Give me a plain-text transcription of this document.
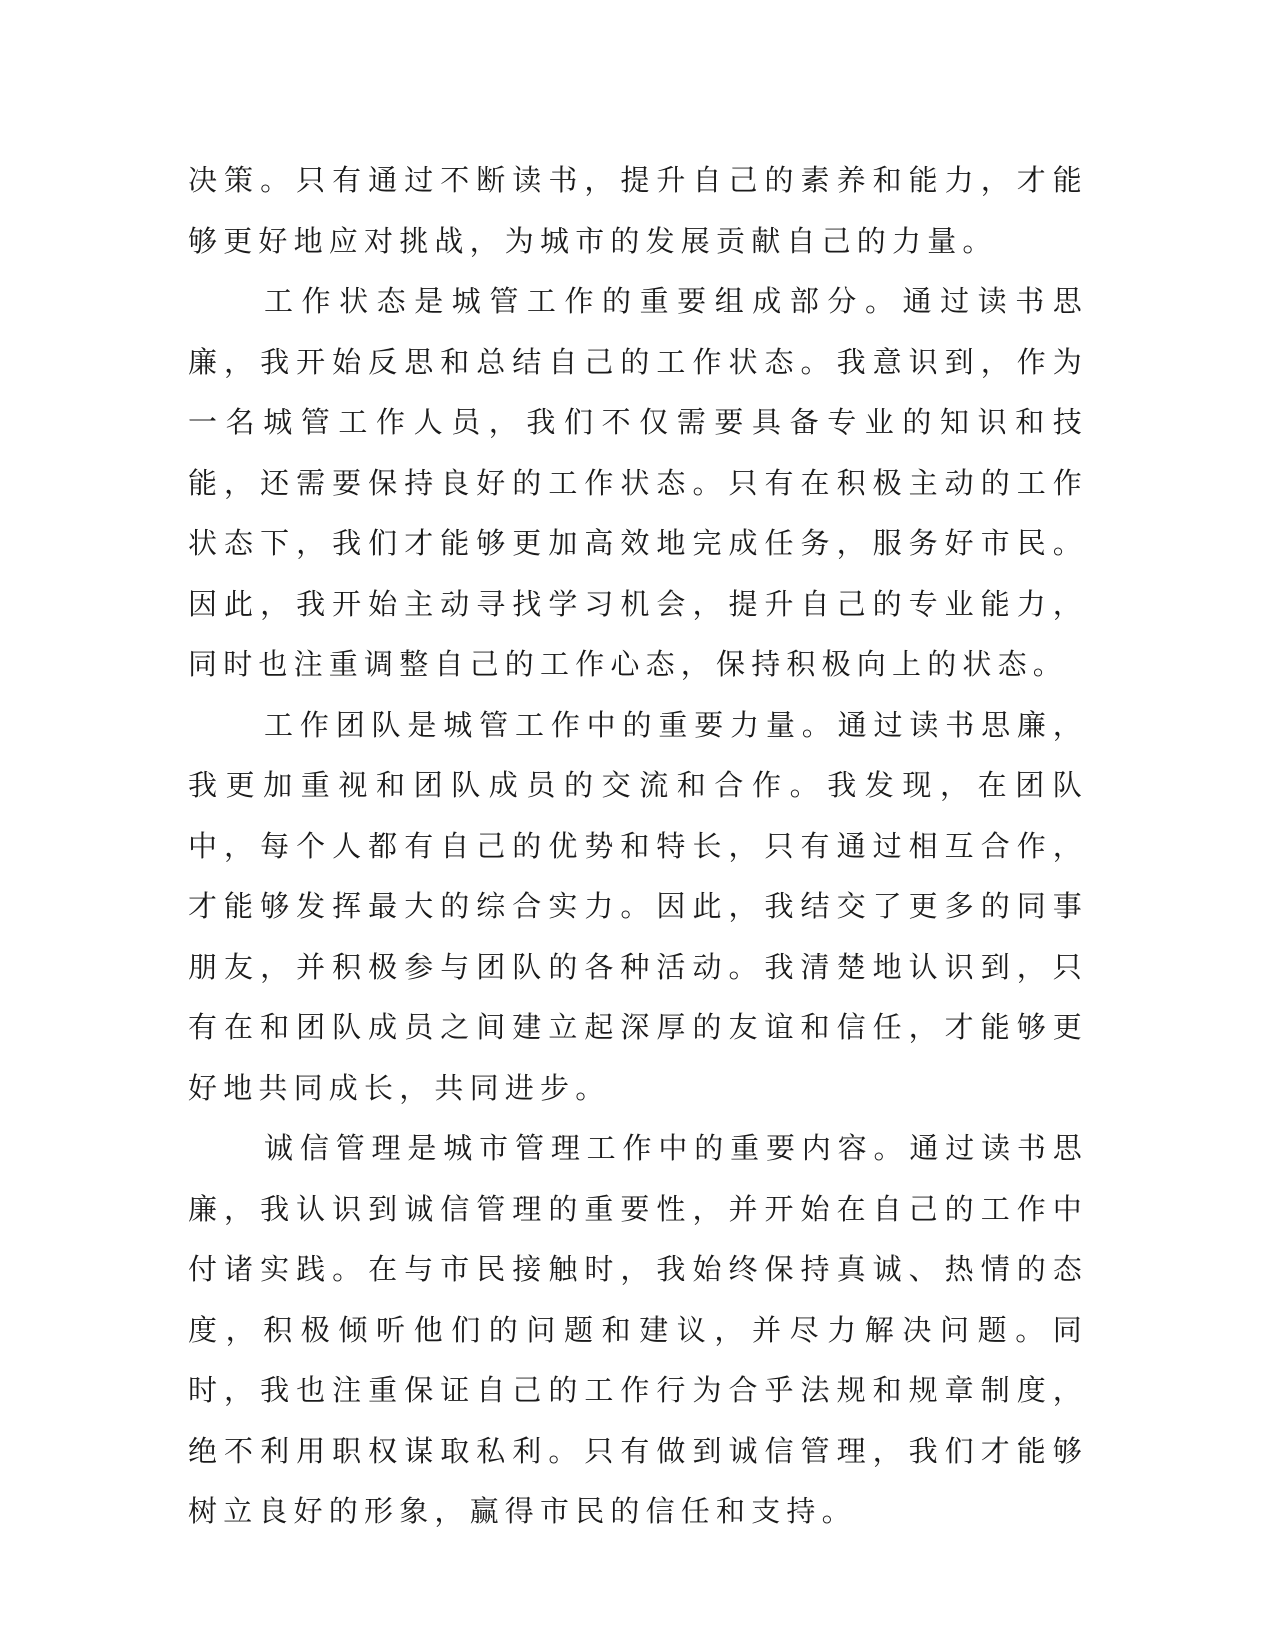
决策。只有通过不断读书，提升自己的素养和能力，才能够更好地应对挑战，为城市的发展贡献自己的力量。

工作状态是城管工作的重要组成部分。通过读书思廉，我开始反思和总结自己的工作状态。我意识到，作为一名城管工作人员，我们不仅需要具备专业的知识和技能，还需要保持良好的工作状态。只有在积极主动的工作状态下，我们才能够更加高效地完成任务，服务好市民。因此，我开始主动寻找学习机会，提升自己的专业能力，同时也注重调整自己的工作心态，保持积极向上的状态。

工作团队是城管工作中的重要力量。通过读书思廉，我更加重视和团队成员的交流和合作。我发现，在团队中，每个人都有自己的优势和特长，只有通过相互合作，才能够发挥最大的综合实力。因此，我结交了更多的同事朋友，并积极参与团队的各种活动。我清楚地认识到，只有在和团队成员之间建立起深厚的友谊和信任，才能够更好地共同成长，共同进步。

诚信管理是城市管理工作中的重要内容。通过读书思廉，我认识到诚信管理的重要性，并开始在自己的工作中付诸实践。在与市民接触时，我始终保持真诚、热情的态度，积极倾听他们的问题和建议，并尽力解决问题。同时，我也注重保证自己的工作行为合乎法规和规章制度，绝不利用职权谋取私利。只有做到诚信管理，我们才能够树立良好的形象，赢得市民的信任和支持。
